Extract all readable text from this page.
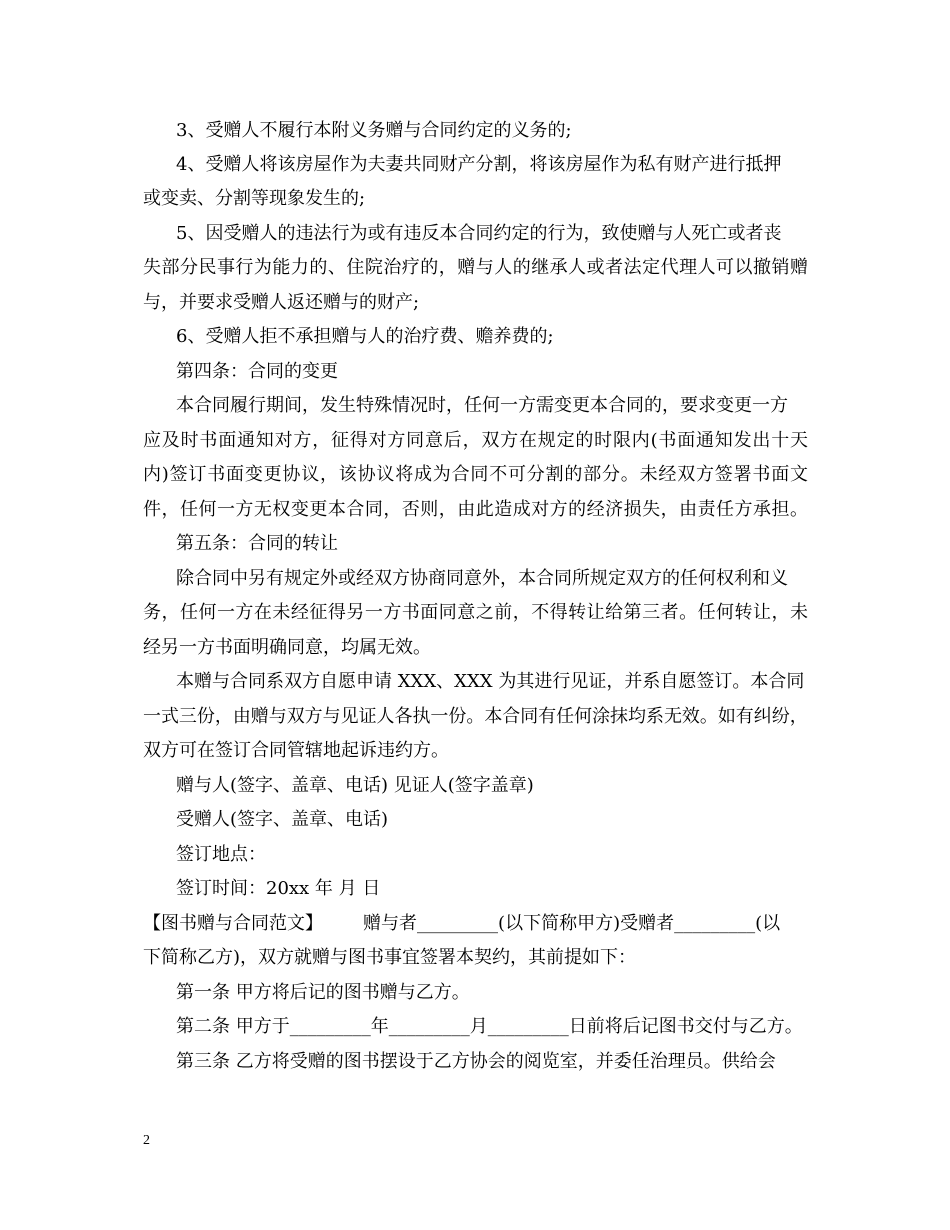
3、受赠人不履行本附义务赠与合同约定的义务的;
4、受赠人将该房屋作为夫妻共同财产分割，将该房屋作为私有财产进行抵押
或变卖、分割等现象发生的;
5、因受赠人的违法行为或有违反本合同约定的行为，致使赠与人死亡或者丧
失部分民事行为能力的、住院治疗的，赠与人的继承人或者法定代理人可以撤销赠
与，并要求受赠人返还赠与的财产;
6、受赠人拒不承担赠与人的治疗费、赡养费的;
第四条：合同的变更
本合同履行期间，发生特殊情况时，任何一方需变更本合同的，要求变更一方
应及时书面通知对方，征得对方同意后，双方在规定的时限内(书面通知发出十天
内)签订书面变更协议，该协议将成为合同不可分割的部分。未经双方签署书面文
件，任何一方无权变更本合同，否则，由此造成对方的经济损失，由责任方承担。
第五条：合同的转让
除合同中另有规定外或经双方协商同意外，本合同所规定双方的任何权利和义
务，任何一方在未经征得另一方书面同意之前，不得转让给第三者。任何转让，未
经另一方书面明确同意，均属无效。
本赠与合同系双方自愿申请 XXX、XXX 为其进行见证，并系自愿签订。本合同
一式三份，由赠与双方与见证人各执一份。本合同有任何涂抹均系无效。如有纠纷，
双方可在签订合同管辖地起诉违约方。
赠与人(签字、盖章、电话) 见证人(签字盖章)
受赠人(签字、盖章、电话)
签订地点：
签订时间：20xx 年 月 日
【图书赠与合同范文】       赠与者_________(以下简称甲方)受赠者_________(以
下简称乙方)，双方就赠与图书事宜签署本契约，其前提如下：
第一条 甲方将后记的图书赠与乙方。
第二条 甲方于_________年_________月_________日前将后记图书交付与乙方。
第三条 乙方将受赠的图书摆设于乙方协会的阅览室，并委任治理员。供给会
2
